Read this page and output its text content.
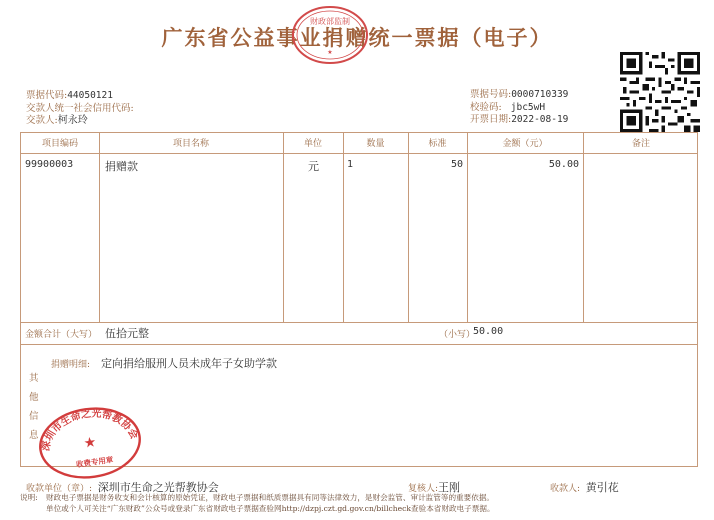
广东省公益事业捐赠统一票据（电子）
财政部监制
★
票据代码:44050121
交款人统一社会信用代码:
交款人:柯永玲
票据号码:0000710339
校验码: jbc5wH
开票日期:2022-08-19
项目编码	项目名称	单位	数量	标准	金额（元）	备注
99900003	捐赠款	元	1	50	50.00
金额合计（大写） 伍拾元整	（小写）
50.00
其他信息
捐赠明细: 定向捐给服刑人员未成年子女助学款
深圳市生命之光帮教协会
★
收费专用章
收款单位（章）: 深圳市生命之光帮教协会	复核人:王刚	收款人: 黄引花
说明: 财政电子票据是财务收支和会计核算的原始凭证，财政电子票据和纸质票据具有同等法律效力，是财会监管、审计监管等的重要依据。
单位或个人可关注“广东财政”公众号或登录广东省财政电子票据查验网http://dzpj.czt.gd.gov.cn/billcheck查验本省财政电子票据。
